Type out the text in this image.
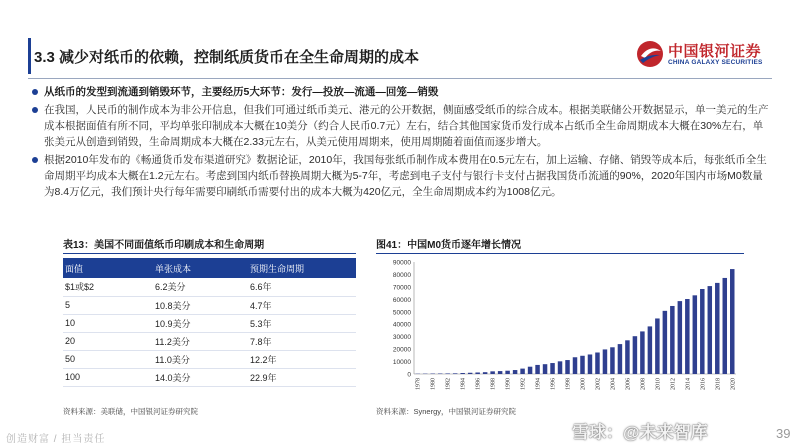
3.3 减少对纸币的依赖，控制纸质货币在全生命周期的成本	中国银河证券
CHINA GALAXY SECURITIES
从纸币的发型到流通到销毁环节，主要经历5大环节：发行—投放—流通—回笼—销毁
在我国，人民币的制作成本为非公开信息，但我们可通过纸币美元、港元的公开数据，侧面感受纸币的综合成本。根据美联储公开数据显示，单一美元的生产成本根据面值有所不同，平均单张印制成本大概在10美分（约合人民币0.7元）左右，结合其他国家货币发行成本占纸币全生命周期成本大概在30%左右，单张美元从创造到销毁，生命周期成本大概在2.33元左右，从美元使用周期来，使用周期随着面值而逐步增大。
根据2010年发布的《畅通货币发布渠道研究》数据论证，2010年，我国每张纸币制作成本费用在0.5元左右，加上运输、存储、销毁等成本后，每张纸币全生命周期平均成本大概在1.2元左右。考虑到国内纸币替换周期大概为5-7年，考虑到电子支付与银行卡支付占据我国货币流通的90%，2020年国内市场M0数量为8.4万亿元，我们预计央行每年需要印刷纸币需要付出的成本大概为420亿元，全生命周期成本约为1008亿元。
表13：美国不同面值纸币印刷成本和生命周期
面值	单张成本	预期生命周期
$1或$2	6.2美分	6.6年
5	10.8美分	4.7年
10	10.9美分	5.3年
20	11.2美分	7.8年
50	11.0美分	12.2年
100	14.0美分	22.9年
资料来源：美联储，中国银河证券研究院
图41：中国M0货币逐年增长情况
0
10000
20000
30000
40000
50000
60000
70000
80000
90000
1978 1980 1982 1984 1986 1988 1990 1992 1994 1996 1998 2000 2002 2004 2006 2008 2010 2012 2014 2016 2018 2020
资料来源：Synergy，中国银河证券研究院
创造财富 / 担当责任	雪球：@未来智库	39
